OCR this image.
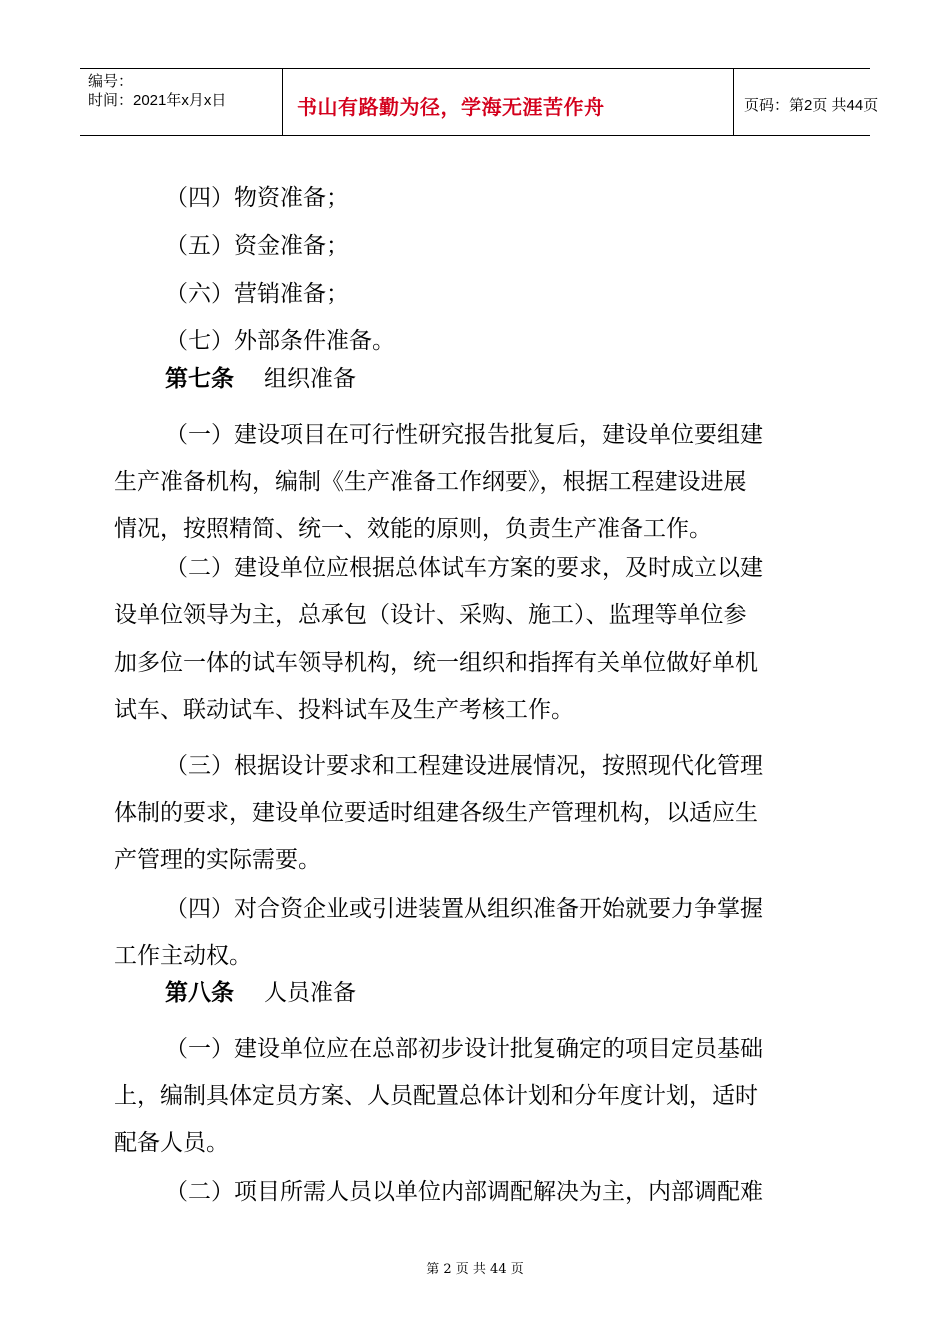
编号：
时间：2021年x月x日	书山有路勤为径，学海无涯苦作舟	页码：第2页 共44页
（四）物资准备；
（五）资金准备；
（六）营销准备；
（七）外部条件准备。
第七条 组织准备
（一）建设项目在可行性研究报告批复后，建设单位要组建
生产准备机构，编制《生产准备工作纲要》，根据工程建设进展
情况，按照精简、统一、效能的原则，负责生产准备工作。
（二）建设单位应根据总体试车方案的要求，及时成立以建
设单位领导为主，总承包（设计、采购、施工）、监理等单位参
加多位一体的试车领导机构，统一组织和指挥有关单位做好单机
试车、联动试车、投料试车及生产考核工作。
（三）根据设计要求和工程建设进展情况，按照现代化管理
体制的要求，建设单位要适时组建各级生产管理机构，以适应生
产管理的实际需要。
（四）对合资企业或引进装置从组织准备开始就要力争掌握
工作主动权。
第八条 人员准备
（一）建设单位应在总部初步设计批复确定的项目定员基础
上，编制具体定员方案、人员配置总体计划和分年度计划，适时
配备人员。
（二）项目所需人员以单位内部调配解决为主，内部调配难
第 2 页 共 44 页
